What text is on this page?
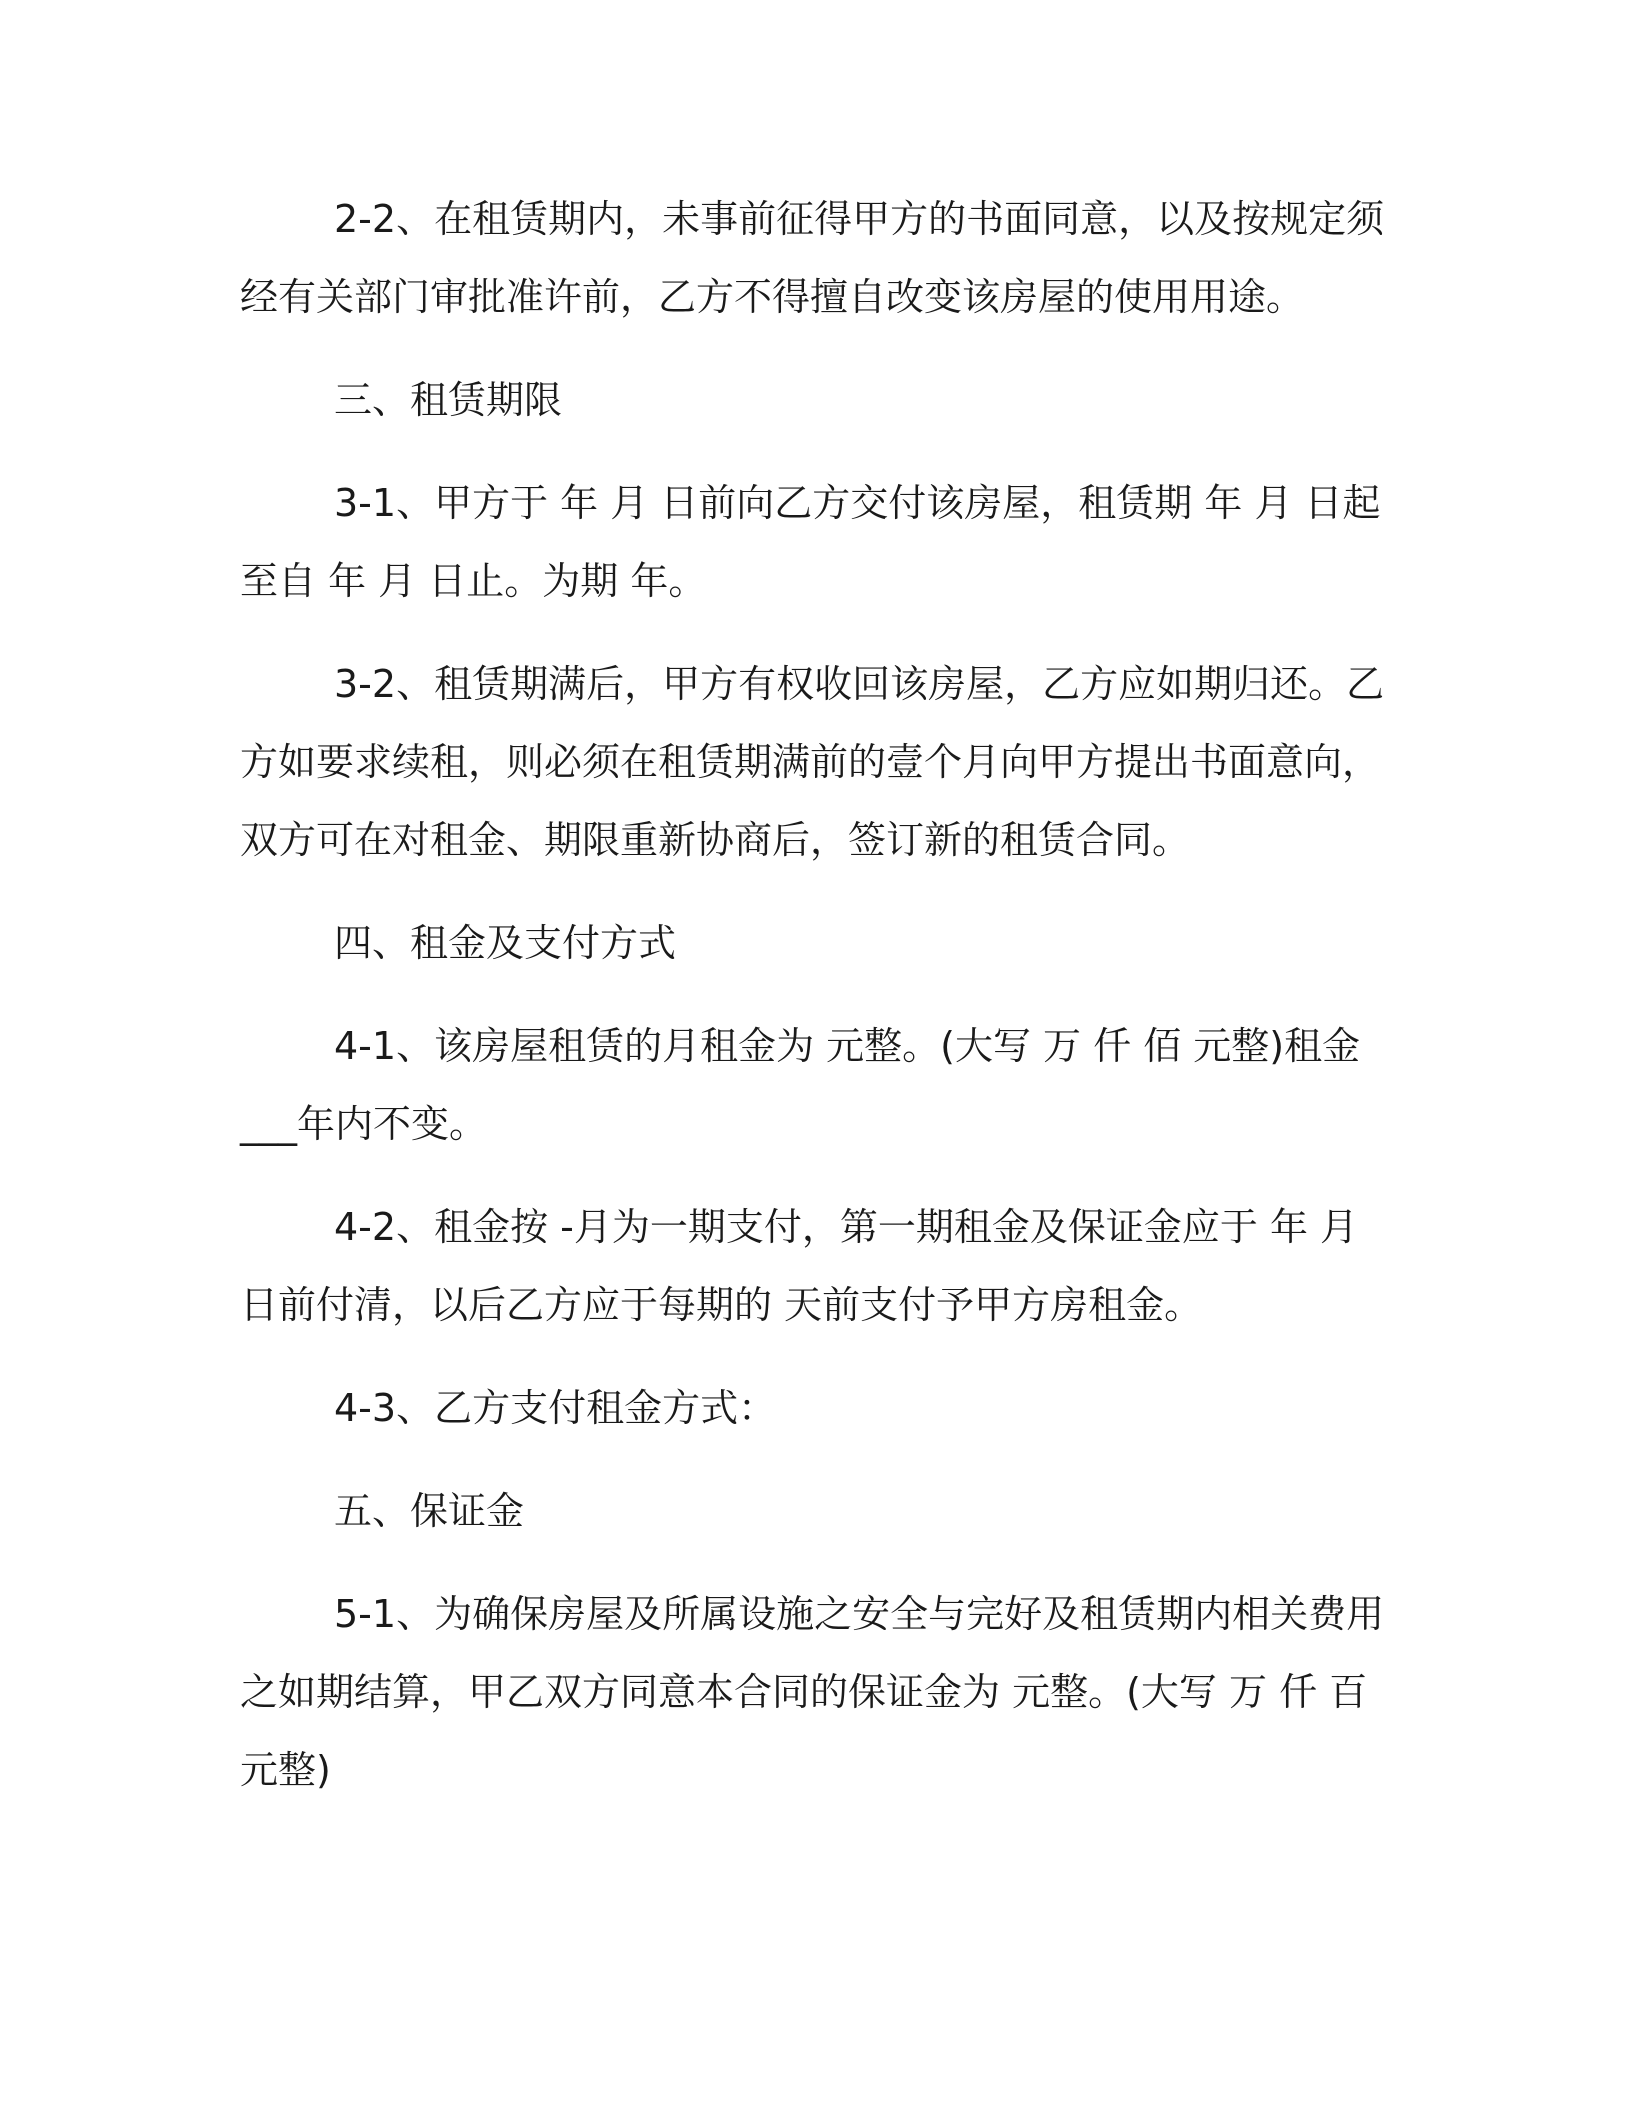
2-2、在租赁期内，未事前征得甲方的书面同意，以及按规定须经有关部门审批准许前，乙方不得擅自改变该房屋的使用用途。

三、租赁期限

3-1、甲方于 年 月 日前向乙方交付该房屋，租赁期 年 月 日起至自 年 月 日止。为期 年。

3-2、租赁期满后，甲方有权收回该房屋，乙方应如期归还。乙方如要求续租，则必须在租赁期满前的壹个月向甲方提出书面意向，双方可在对租金、期限重新协商后，签订新的租赁合同。

四、租金及支付方式

4-1、该房屋租赁的月租金为 元整。(大写 万 仟 佰 元整)租金 ___年内不变。

4-2、租金按 -月为一期支付，第一期租金及保证金应于 年 月 日前付清，以后乙方应于每期的 天前支付予甲方房租金。

4-3、乙方支付租金方式：

五、保证金

5-1、为确保房屋及所属设施之安全与完好及租赁期内相关费用之如期结算，甲乙双方同意本合同的保证金为 元整。(大写 万 仟 百 元整)
